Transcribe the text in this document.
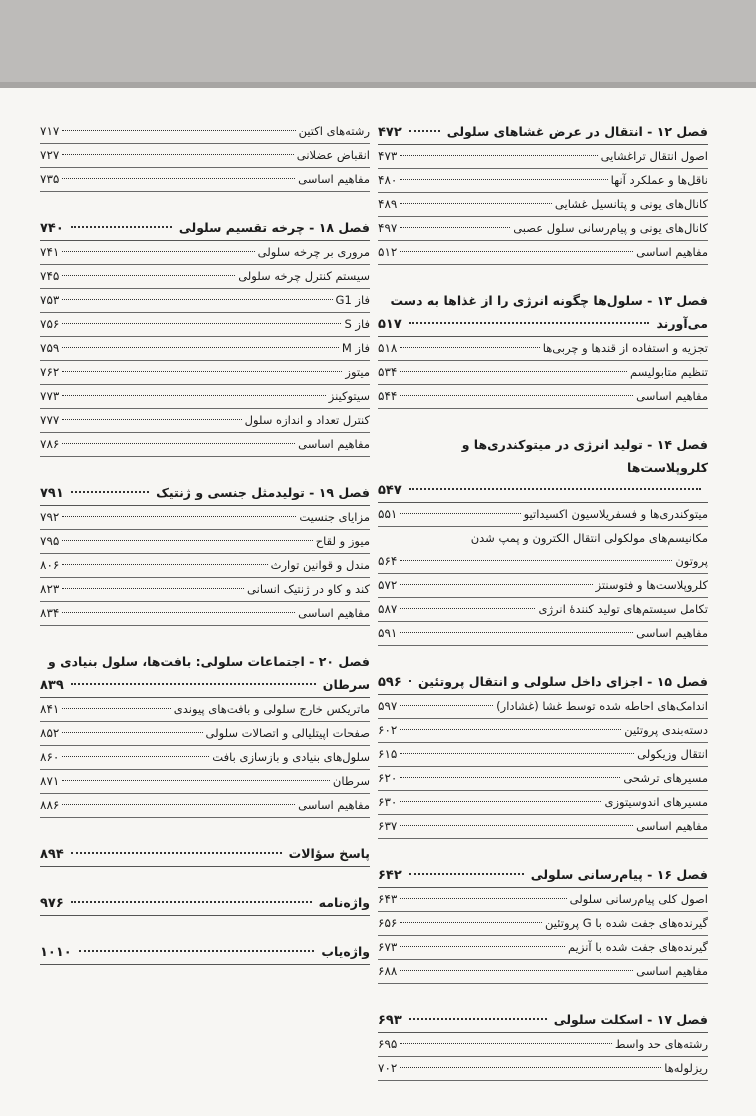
فصل ۱۲ - انتقال در عرض غشاهای سلولی
۴۷۲
اصول انتقال تراغشایی
۴۷۳
ناقل‌ها و عملکرد آنها
۴۸۰
کانال‌های یونی و پتانسیل غشایی
۴۸۹
کانال‌های یونی و پیام‌رسانی سلول عصبی
۴۹۷
مفاهیم اساسی
۵۱۲
فصل ۱۳ - سلول‌ها چگونه انرژی را از غذاها به دست
می‌آورند
۵۱۷
تجزیه و استفاده از قندها و چربی‌ها
۵۱۸
تنظیم متابولیسم
۵۳۴
مفاهیم اساسی
۵۴۴
فصل ۱۴ - تولید انرژی در میتوکندری‌ها و کلروپلاست‌ها
۵۴۷
میتوکندری‌ها و فسفریلاسیون اکسیداتیو
۵۵۱
مکانیسم‌های مولکولی انتقال الکترون و پمپ شدن
پروتون
۵۶۴
کلروپلاست‌ها و فتوسنتز
۵۷۲
تکامل سیستم‌های تولید کنندهٔ انرژی
۵۸۷
مفاهیم اساسی
۵۹۱
فصل ۱۵ - اجزای داخل سلولی و انتقال پروتئین
۵۹۶
اندامک‌های احاطه شده توسط غشا (غشادار)
۵۹۷
دسته‌بندی پروتئین
۶۰۲
انتقال وزیکولی
۶۱۵
مسیرهای ترشحی
۶۲۰
مسیرهای اندوسیتوزی
۶۳۰
مفاهیم اساسی
۶۳۷
فصل ۱۶ - پیام‌رسانی سلولی
۶۴۲
اصول کلی پیام‌رسانی سلولی
۶۴۳
گیرنده‌های جفت شده با G پروتئین
۶۵۶
گیرنده‌های جفت شده با آنزیم
۶۷۳
مفاهیم اساسی
۶۸۸
فصل ۱۷ - اسکلت سلولی
۶۹۳
رشته‌های حد واسط
۶۹۵
ریزلوله‌ها
۷۰۲
رشته‌های اکتین
۷۱۷
انقباض عضلانی
۷۲۷
مفاهیم اساسی
۷۳۵
فصل ۱۸ - چرخه تقسیم سلولی
۷۴۰
مروری بر چرخه سلولی
۷۴۱
سیستم کنترل چرخه سلولی
۷۴۵
فاز G1
۷۵۳
فاز S
۷۵۶
فاز M
۷۵۹
میتوز
۷۶۲
سیتوکینز
۷۷۳
کنترل تعداد و اندازه سلول
۷۷۷
مفاهیم اساسی
۷۸۶
فصل ۱۹ - تولیدمثل جنسی و ژنتیک
۷۹۱
مزایای جنسیت
۷۹۲
میوز و لقاح
۷۹۵
مندل و قوانین توارث
۸۰۶
کند و کاو در ژنتیک انسانی
۸۲۳
مفاهیم اساسی
۸۳۴
فصل ۲۰ - اجتماعات سلولی: بافت‌ها، سلول بنیادی و
سرطان
۸۳۹
ماتریکس خارج سلولی و بافت‌های پیوندی
۸۴۱
صفحات اپیتلیالی و اتصالات سلولی
۸۵۲
سلول‌های بنیادی و بازسازی بافت
۸۶۰
سرطان
۸۷۱
مفاهیم اساسی
۸۸۶
پاسخ سؤالات
۸۹۴
واژه‌نامه
۹۷۶
واژه‌یاب
۱۰۱۰
